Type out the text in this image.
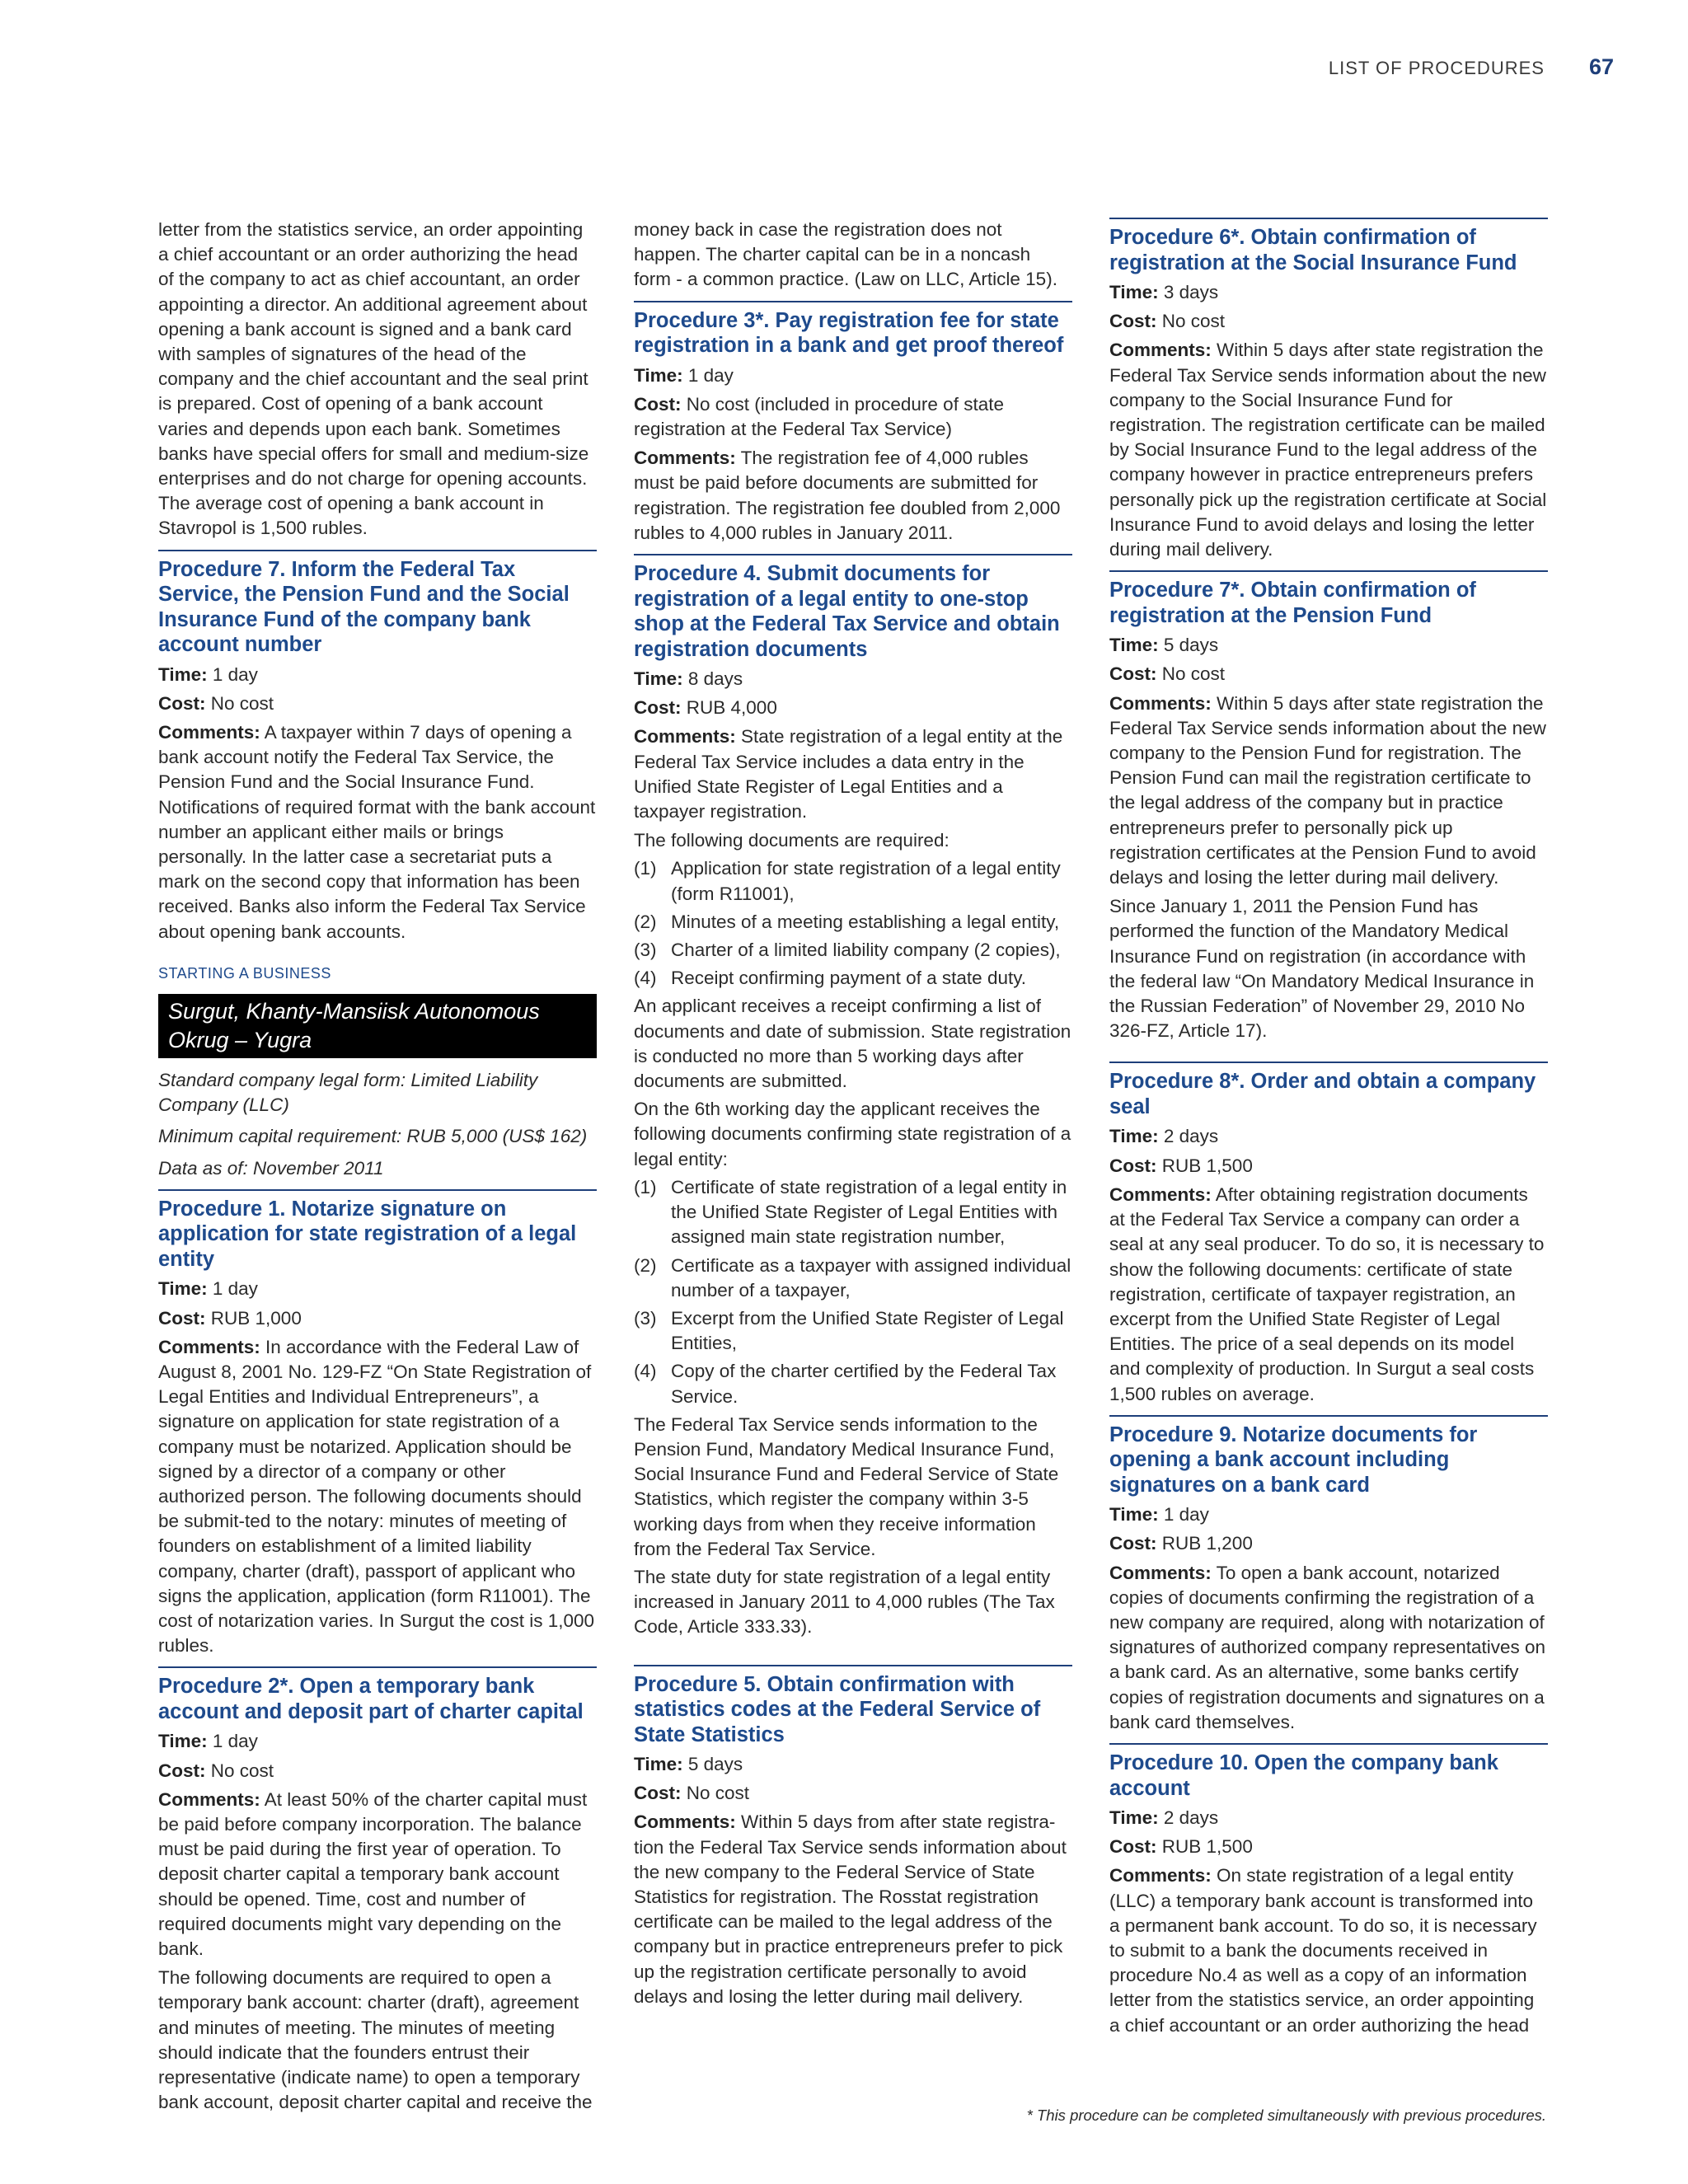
LIST OF PROCEDURES 67

letter from the statistics service, an order appointing a chief accountant or an order authorizing the head of the company to act as chief accountant, an order appointing a director. An additional agreement about opening a bank account is signed and a bank card with samples of signatures of the head of the company and the chief accountant and the seal print is prepared. Cost of opening of a bank account varies and depends upon each bank. Sometimes banks have special offers for small and medium-size enterprises and do not charge for opening accounts. The average cost of opening a bank account in Stavropol is 1,500 rubles.

Procedure 7. Inform the Federal Tax Service, the Pension Fund and the Social Insurance Fund of the company bank account number

Time: 1 day

Cost: No cost

Comments: A taxpayer within 7 days of opening a bank account notify the Federal Tax Service, the Pension Fund and the Social Insurance Fund. Notifications of required format with the bank account number an applicant either mails or brings personally. In the latter case a secretariat puts a mark on the second copy that information has been received. Banks also inform the Federal Tax Service about opening bank accounts.

STARTING A BUSINESS
Surgut, Khanty-Mansiisk Autonomous Okrug – Yugra

Standard company legal form: Limited Liability Company (LLC)

Minimum capital requirement: RUB 5,000 (US$ 162)

Data as of: November 2011

Procedure 1. Notarize signature on application for state registration of a legal entity

Time: 1 day

Cost: RUB 1,000

Comments: In accordance with the Federal Law of August 8, 2001 No. 129-FZ “On State Registration of Legal Entities and Individual Entrepreneurs”, a signature on application for state registration of a company must be notarized. Application should be signed by a director of a company or other authorized person. The following documents should be submit-ted to the notary: minutes of meeting of founders on establishment of a limited liability company, charter (draft), passport of applicant who signs the application, application (form R11001). The cost of notarization varies. In Surgut the cost is 1,000 rubles.

Procedure 2*. Open a temporary bank account and deposit part of charter capital

Time: 1 day

Cost: No cost

Comments: At least 50% of the charter capital must be paid before company incorporation. The balance must be paid during the first year of operation. To deposit charter capital a temporary bank account should be opened. Time, cost and number of required documents might vary depending on the bank.

The following documents are required to open a temporary bank account: charter (draft), agreement and minutes of meeting. The minutes of meeting should indicate that the founders entrust their representative (indicate name) to open a temporary bank account, deposit charter capital and receive the

money back in case the registration does not happen. The charter capital can be in a noncash form - a common practice. (Law on LLC, Article 15).

Procedure 3*. Pay registration fee for state registration in a bank and get proof thereof

Time: 1 day

Cost: No cost (included in procedure of state registration at the Federal Tax Service)

Comments: The registration fee of 4,000 rubles must be paid before documents are submitted for registration. The registration fee doubled from 2,000 rubles to 4,000 rubles in January 2011.

Procedure 4. Submit documents for registration of a legal entity to one-stop shop at the Federal Tax Service and obtain registration documents

Time: 8 days

Cost: RUB 4,000

Comments: State registration of a legal entity at the Federal Tax Service includes a data entry in the Unified State Register of Legal Entities and a taxpayer registration.

The following documents are required:

(1) Application for state registration of a legal entity (form R11001),
(2) Minutes of a meeting establishing a legal entity,
(3) Charter of a limited liability company (2 copies),
(4) Receipt confirming payment of a state duty.

An applicant receives a receipt confirming a list of documents and date of submission. State registration is conducted no more than 5 working days after documents are submitted.

On the 6th working day the applicant receives the following documents confirming state registration of a legal entity:

(1) Certificate of state registration of a legal entity in the Unified State Register of Legal Entities with assigned main state registration number,
(2) Certificate as a taxpayer with assigned individual number of a taxpayer,
(3) Excerpt from the Unified State Register of Legal Entities,
(4) Copy of the charter certified by the Federal Tax Service.

The Federal Tax Service sends information to the Pension Fund, Mandatory Medical Insurance Fund, Social Insurance Fund and Federal Service of State Statistics, which register the company within 3-5 working days from when they receive information from the Federal Tax Service.

The state duty for state registration of a legal entity increased in January 2011 to 4,000 rubles (The Tax Code, Article 333.33).

Procedure 5. Obtain confirmation with statistics codes at the Federal Service of State Statistics

Time: 5 days

Cost: No cost

Comments: Within 5 days from after state registra-tion the Federal Tax Service sends information about the new company to the Federal Service of State Statistics for registration. The Rosstat registration certificate can be mailed to the legal address of the company but in practice entrepreneurs prefer to pick up the registration certificate personally to avoid delays and losing the letter during mail delivery.

Procedure 6*. Obtain confirmation of registration at the Social Insurance Fund

Time: 3 days

Cost: No cost

Comments: Within 5 days after state registration the Federal Tax Service sends information about the new company to the Social Insurance Fund for registration. The registration certificate can be mailed by Social Insurance Fund to the legal address of the company however in practice entrepreneurs prefers personally pick up the registration certificate at Social Insurance Fund to avoid delays and losing the letter during mail delivery.

Procedure 7*. Obtain confirmation of registration at the Pension Fund

Time: 5 days

Cost: No cost

Comments: Within 5 days after state registration the Federal Tax Service sends information about the new company to the Pension Fund for registration. The Pension Fund can mail the registration certificate to the legal address of the company but in practice entrepreneurs prefer to personally pick up registration certificates at the Pension Fund to avoid delays and losing the letter during mail delivery.

Since January 1, 2011 the Pension Fund has performed the function of the Mandatory Medical Insurance Fund on registration (in accordance with the federal law “On Mandatory Medical Insurance in the Russian Federation” of November 29, 2010 No 326-FZ, Article 17).

Procedure 8*. Order and obtain a company seal

Time: 2 days

Cost: RUB 1,500

Comments: After obtaining registration documents at the Federal Tax Service a company can order a seal at any seal producer. To do so, it is necessary to show the following documents: certificate of state registration, certificate of taxpayer registration, an excerpt from the Unified State Register of Legal Entities. The price of a seal depends on its model and complexity of production. In Surgut a seal costs 1,500 rubles on average.

Procedure 9. Notarize documents for opening a bank account including signatures on a bank card

Time: 1 day

Cost: RUB 1,200

Comments: To open a bank account, notarized copies of documents confirming the registration of a new company are required, along with notarization of signatures of authorized company representatives on a bank card. As an alternative, some banks certify copies of registration documents and signatures on a bank card themselves.

Procedure 10. Open the company bank account

Time: 2 days

Cost: RUB 1,500

Comments: On state registration of a legal entity (LLC) a temporary bank account is transformed into a permanent bank account. To do so, it is necessary to submit to a bank the documents received in procedure No.4 as well as a copy of an information letter from the statistics service, an order appointing a chief accountant or an order authorizing the head

* This procedure can be completed simultaneously with previous procedures.
